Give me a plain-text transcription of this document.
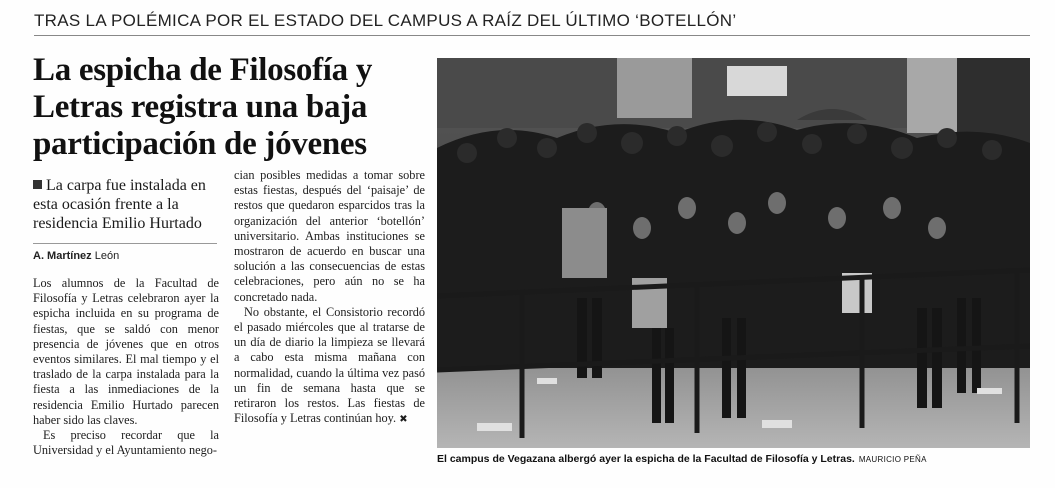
TRAS LA POLÉMICA POR EL ESTADO DEL CAMPUS A RAÍZ DEL ÚLTIMO ‘BOTELLÓN’
La espicha de Filosofía y Letras registra una baja participación de jóvenes
La carpa fue instalada en esta ocasión frente a la residencia Emilio Hurtado
A. Martínez León

Los alumnos de la Facultad de Filosofía y Letras celebraron ayer la espicha incluida en su programa de fiestas, que se saldó con menor presencia de jóvenes que en otros eventos similares. El mal tiempo y el traslado de la carpa instalada para la fiesta a las inmediaciones de la residencia Emilio Hurtado parecen haber sido las claves.

Es preciso recordar que la Universidad y el Ayuntamiento nego-

cian posibles medidas a tomar sobre estas fiestas, después del ‘paisaje’ de restos que quedaron esparcidos tras la organización del anterior ‘botellón’ universitario. Ambas instituciones se mostraron de acuerdo en buscar una solución a las consecuencias de estas celebraciones, pero aún no se ha concretado nada.

No obstante, el Consistorio recordó el pasado miércoles que al tratarse de un día de diario la limpieza se llevará a cabo esta misma mañana con normalidad, cuando la última vez pasó un fin de semana hasta que se retiraron los restos. Las fiestas de Filosofía y Letras continúan hoy. ✖

El campus de Vegazana albergó ayer la espicha de la Facultad de Filosofía y Letras. MAURICIO PEÑA
